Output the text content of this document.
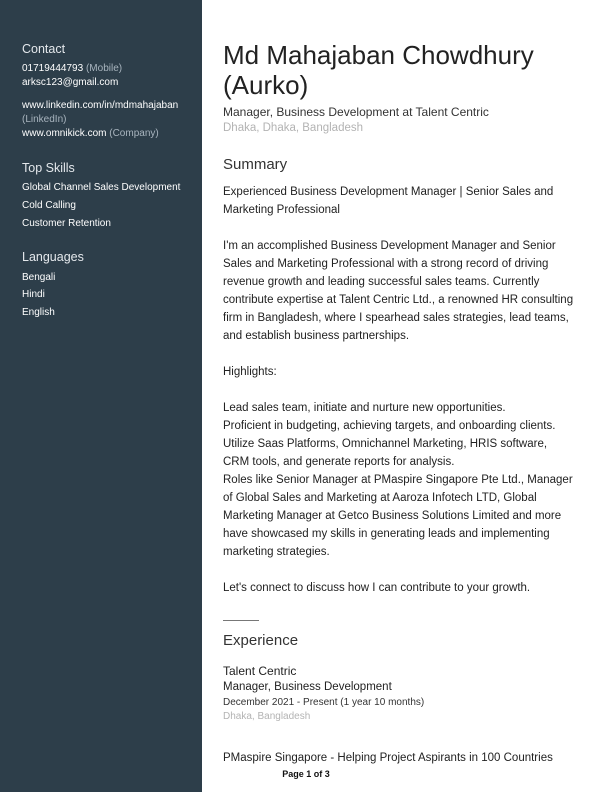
Contact
01719444793 (Mobile)
arksc123@gmail.com
www.linkedin.com/in/mdmahajaban
(LinkedIn)
www.omnikick.com (Company)
Top Skills
Global Channel Sales Development
Cold Calling
Customer Retention
Languages
Bengali
Hindi
English
Md Mahajaban Chowdhury
(Aurko)
Manager, Business Development at Talent Centric
Dhaka, Dhaka, Bangladesh
Summary
Experienced Business Development Manager | Senior Sales and
Marketing Professional
I'm an accomplished Business Development Manager and Senior
Sales and Marketing Professional with a strong record of driving
revenue growth and leading successful sales teams. Currently
contribute expertise at Talent Centric Ltd., a renowned HR consulting
firm in Bangladesh, where I spearhead sales strategies, lead teams,
and establish business partnerships.
Highlights:
Lead sales team, initiate and nurture new opportunities.
Proficient in budgeting, achieving targets, and onboarding clients.
Utilize Saas Platforms, Omnichannel Marketing, HRIS software,
CRM tools, and generate reports for analysis.
Roles like Senior Manager at PMaspire Singapore Pte Ltd., Manager
of Global Sales and Marketing at Aaroza Infotech LTD, Global
Marketing Manager at Getco Business Solutions Limited and more
have showcased my skills in generating leads and implementing
marketing strategies.
Let's connect to discuss how I can contribute to your growth.
Experience
Talent Centric
Manager, Business Development
December 2021 - Present (1 year 10 months)
Dhaka, Bangladesh
PMaspire Singapore - Helping Project Aspirants in 100 Countries
Page 1 of 3
